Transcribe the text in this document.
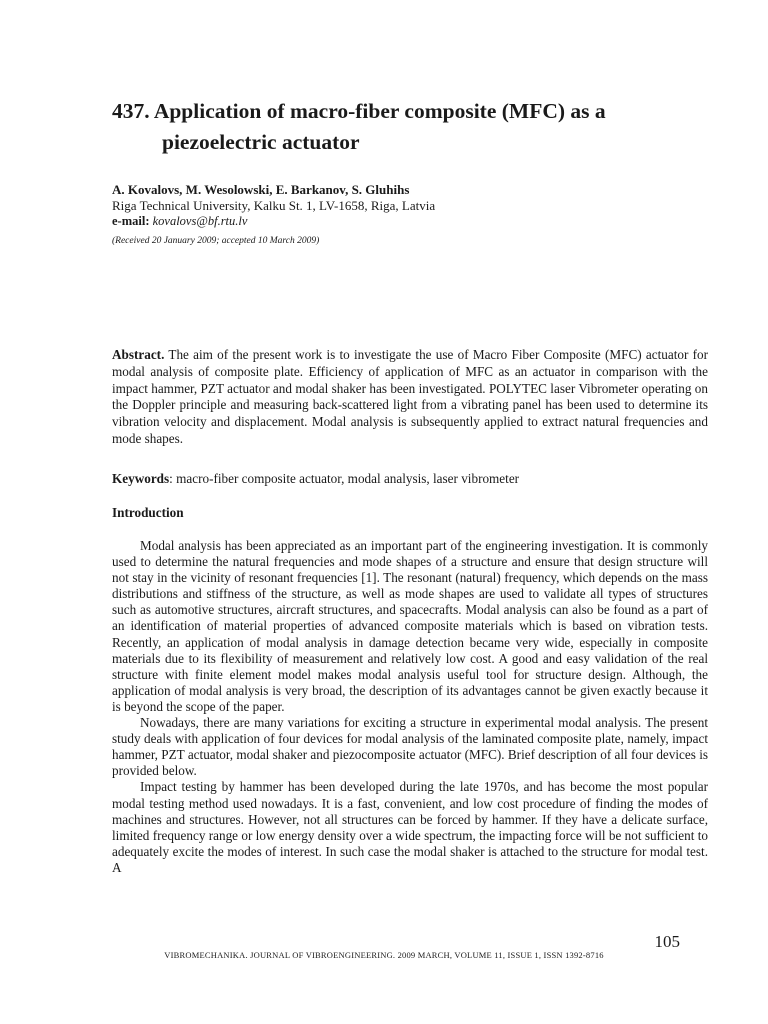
437. Application of macro-fiber composite (MFC) as a
piezoelectric actuator
A. Kovalovs, M. Wesolowski, E. Barkanov, S. Gluhihs
Riga Technical University, Kalku St. 1, LV-1658, Riga, Latvia
e-mail: kovalovs@bf.rtu.lv
(Received 20 January 2009; accepted 10 March 2009)
Abstract. The aim of the present work is to investigate the use of Macro Fiber Composite (MFC) actuator for modal analysis of composite plate. Efficiency of application of MFC as an actuator in comparison with the impact hammer, PZT actuator and modal shaker has been investigated. POLYTEC laser Vibrometer operating on the Doppler principle and measuring back-scattered light from a vibrating panel has been used to determine its vibration velocity and displacement. Modal analysis is subsequently applied to extract natural frequencies and mode shapes.
Keywords: macro-fiber composite actuator, modal analysis, laser vibrometer
Introduction

Modal analysis has been appreciated as an important part of the engineering investigation. It is commonly used to determine the natural frequencies and mode shapes of a structure and ensure that design structure will not stay in the vicinity of resonant frequencies [1]. The resonant (natural) frequency, which depends on the mass distributions and stiffness of the structure, as well as mode shapes are used to validate all types of structures such as automotive structures, aircraft structures, and spacecrafts. Modal analysis can also be found as a part of an identification of material properties of advanced composite materials which is based on vibration tests. Recently, an application of modal analysis in damage detection became very wide, especially in composite materials due to its flexibility of measurement and relatively low cost. A good and easy validation of the real structure with finite element model makes modal analysis useful tool for structure design. Although, the application of modal analysis is very broad, the description of its advantages cannot be given exactly because it is beyond the scope of the paper.

Nowadays, there are many variations for exciting a structure in experimental modal analysis. The present study deals with application of four devices for modal analysis of the laminated composite plate, namely, impact hammer, PZT actuator, modal shaker and piezocomposite actuator (MFC). Brief description of all four devices is provided below.

Impact testing by hammer has been developed during the late 1970s, and has become the most popular modal testing method used nowadays. It is a fast, convenient, and low cost procedure of finding the modes of machines and structures. However, not all structures can be forced by hammer. If they have a delicate surface, limited frequency range or low energy density over a wide spectrum, the impacting force will be not sufficient to adequately excite the modes of interest. In such case the modal shaker is attached to the structure for modal test. A

105
VIBROMECHANIKA. JOURNAL OF VIBROENGINEERING. 2009 MARCH, VOLUME 11, ISSUE 1, ISSN 1392-8716
